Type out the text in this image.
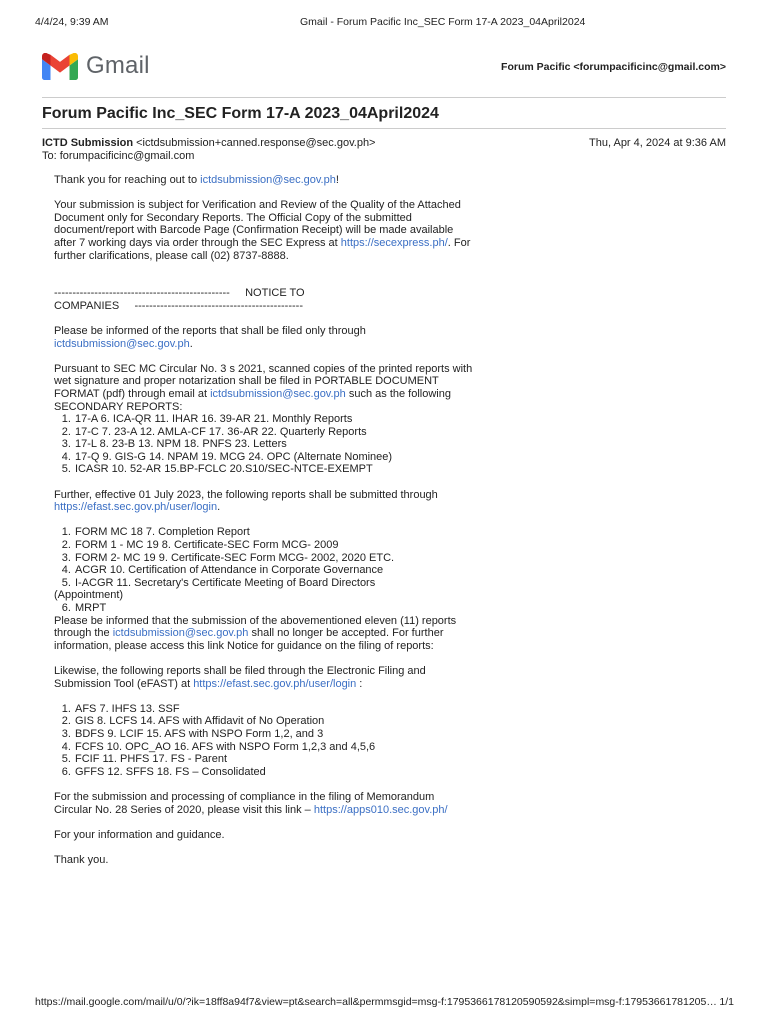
4/4/24, 9:39 AM	Gmail - Forum Pacific Inc_SEC Form 17-A 2023_04April2024
Gmail	Forum Pacific <forumpacificinc@gmail.com>
Forum Pacific Inc_SEC Form 17-A 2023_04April2024
ICTD Submission <ictdsubmission+canned.response@sec.gov.ph>
To: forumpacificinc@gmail.com
Thu, Apr 4, 2024 at 9:36 AM

Thank you for reaching out to ictdsubmission@sec.gov.ph!

Your submission is subject for Verification and Review of the Quality of the Attached Document only for Secondary Reports. The Official Copy of the submitted document/report with Barcode Page (Confirmation Receipt) will be made available after 7 working days via order through the SEC Express at https://secexpress.ph/. For further clarifications, please call (02) 8737-8888.

------------------------------------------------     NOTICE TO
COMPANIES     ----------------------------------------------

Please be informed of the reports that shall be filed only through ictdsubmission@sec.gov.ph.

Pursuant to SEC MC Circular No. 3 s 2021, scanned copies of the printed reports with wet signature and proper notarization shall be filed in PORTABLE DOCUMENT FORMAT (pdf) through email at ictdsubmission@sec.gov.ph such as the following SECONDARY REPORTS:

1. 17-A 6. ICA-QR 11. IHAR 16. 39-AR 21. Monthly Reports
2. 17-C 7. 23-A 12. AMLA-CF 17. 36-AR 22. Quarterly Reports
3. 17-L 8. 23-B 13. NPM 18. PNFS 23. Letters
4. 17-Q 9. GIS-G 14. NPAM 19. MCG 24. OPC (Alternate Nominee)
5. ICASR 10. 52-AR 15.BP-FCLC 20.S10/SEC-NTCE-EXEMPT

Further, effective 01 July 2023, the following reports shall be submitted through https://efast.sec.gov.ph/user/login.

1. FORM MC 18 7. Completion Report
2. FORM 1 - MC 19 8. Certificate-SEC Form MCG- 2009
3. FORM 2- MC 19 9. Certificate-SEC Form MCG- 2002, 2020 ETC.
4. ACGR 10. Certification of Attendance in Corporate Governance
5. I-ACGR 11. Secretary's Certificate Meeting of Board Directors
(Appointment)
6. MRPT

Please be informed that the submission of the abovementioned eleven (11) reports through the ictdsubmission@sec.gov.ph shall no longer be accepted. For further information, please access this link Notice for guidance on the filing of reports:

Likewise, the following reports shall be filed through the Electronic Filing and Submission Tool (eFAST) at https://efast.sec.gov.ph/user/login :

1. AFS 7. IHFS 13. SSF
2. GIS 8. LCFS 14. AFS with Affidavit of No Operation
3. BDFS 9. LCIF 15. AFS with NSPO Form 1,2, and 3
4. FCFS 10. OPC_AO 16. AFS with NSPO Form 1,2,3 and 4,5,6
5. FCIF 11. PHFS 17. FS - Parent
6. GFFS 12. SFFS 18. FS – Consolidated

For the submission and processing of compliance in the filing of Memorandum Circular No. 28 Series of 2020, please visit this link – https://apps010.sec.gov.ph/

For your information and guidance.

Thank you.

https://mail.google.com/mail/u/0/?ik=18ff8a94f7&view=pt&search=all&permmsgid=msg-f:1795366178120590592&simpl=msg-f:17953661781205… 1/1
